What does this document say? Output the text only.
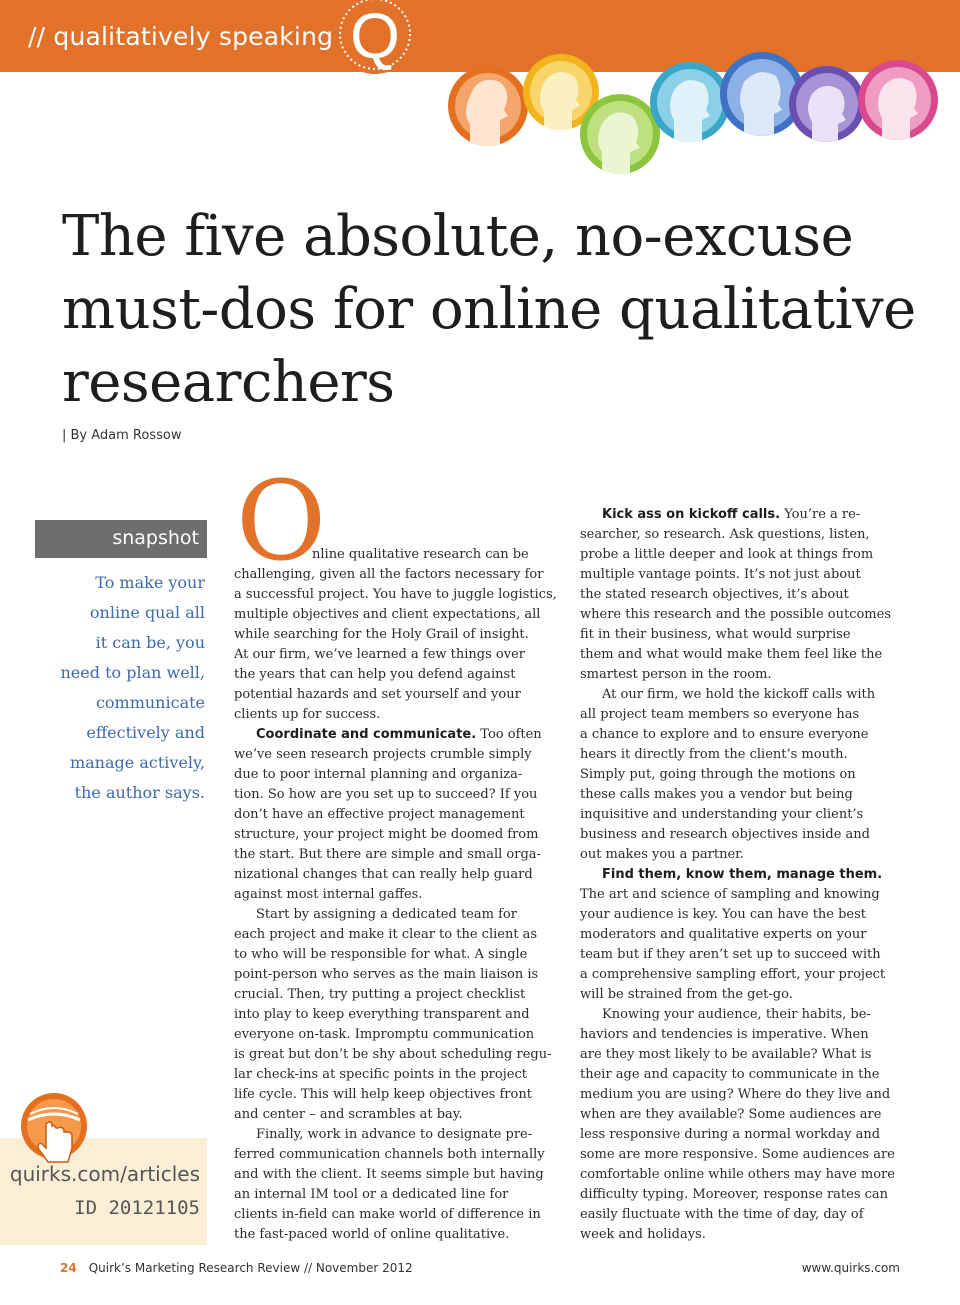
// qualitatively speaking Q
The five absolute, no-excuse
must-dos for online qualitative
researchers
| By Adam Rossow
snapshot
To make your
online qual all
it can be, you
need to plan well,
communicate
effectively and
manage actively,
the author says.
quirks.com/articles
ID 20121105
O
nline qualitative research can be
challenging, given all the factors necessary for
a successful project. You have to juggle logistics,
multiple objectives and client expectations, all
while searching for the Holy Grail of insight.
At our firm, we’ve learned a few things over
the years that can help you defend against
potential hazards and set yourself and your
clients up for success.
Coordinate and communicate. Too often
we’ve seen research projects crumble simply
due to poor internal planning and organiza-
tion. So how are you set up to succeed? If you
don’t have an effective project management
structure, your project might be doomed from
the start. But there are simple and small orga-
nizational changes that can really help guard
against most internal gaffes.
Start by assigning a dedicated team for
each project and make it clear to the client as
to who will be responsible for what. A single
point-person who serves as the main liaison is
crucial. Then, try putting a project checklist
into play to keep everything transparent and
everyone on-task. Impromptu communication
is great but don’t be shy about scheduling regu-
lar check-ins at specific points in the project
life cycle. This will help keep objectives front
and center – and scrambles at bay.
Finally, work in advance to designate pre-
ferred communication channels both internally
and with the client. It seems simple but having
an internal IM tool or a dedicated line for
clients in-field can make world of difference in
the fast-paced world of online qualitative.
Kick ass on kickoff calls. You’re a re-
searcher, so research. Ask questions, listen,
probe a little deeper and look at things from
multiple vantage points. It’s not just about
the stated research objectives, it’s about
where this research and the possible outcomes
fit in their business, what would surprise
them and what would make them feel like the
smartest person in the room.
At our firm, we hold the kickoff calls with
all project team members so everyone has
a chance to explore and to ensure everyone
hears it directly from the client’s mouth.
Simply put, going through the motions on
these calls makes you a vendor but being
inquisitive and understanding your client’s
business and research objectives inside and
out makes you a partner.
Find them, know them, manage them.
The art and science of sampling and knowing
your audience is key. You can have the best
moderators and qualitative experts on your
team but if they aren’t set up to succeed with
a comprehensive sampling effort, your project
will be strained from the get-go.
Knowing your audience, their habits, be-
haviors and tendencies is imperative. When
are they most likely to be available? What is
their age and capacity to communicate in the
medium you are using? Where do they live and
when are they available? Some audiences are
less responsive during a normal workday and
some are more responsive. Some audiences are
comfortable online while others may have more
difficulty typing. Moreover, response rates can
easily fluctuate with the time of day, day of
week and holidays.
24 Quirk’s Marketing Research Review // November 2012	www.quirks.com
